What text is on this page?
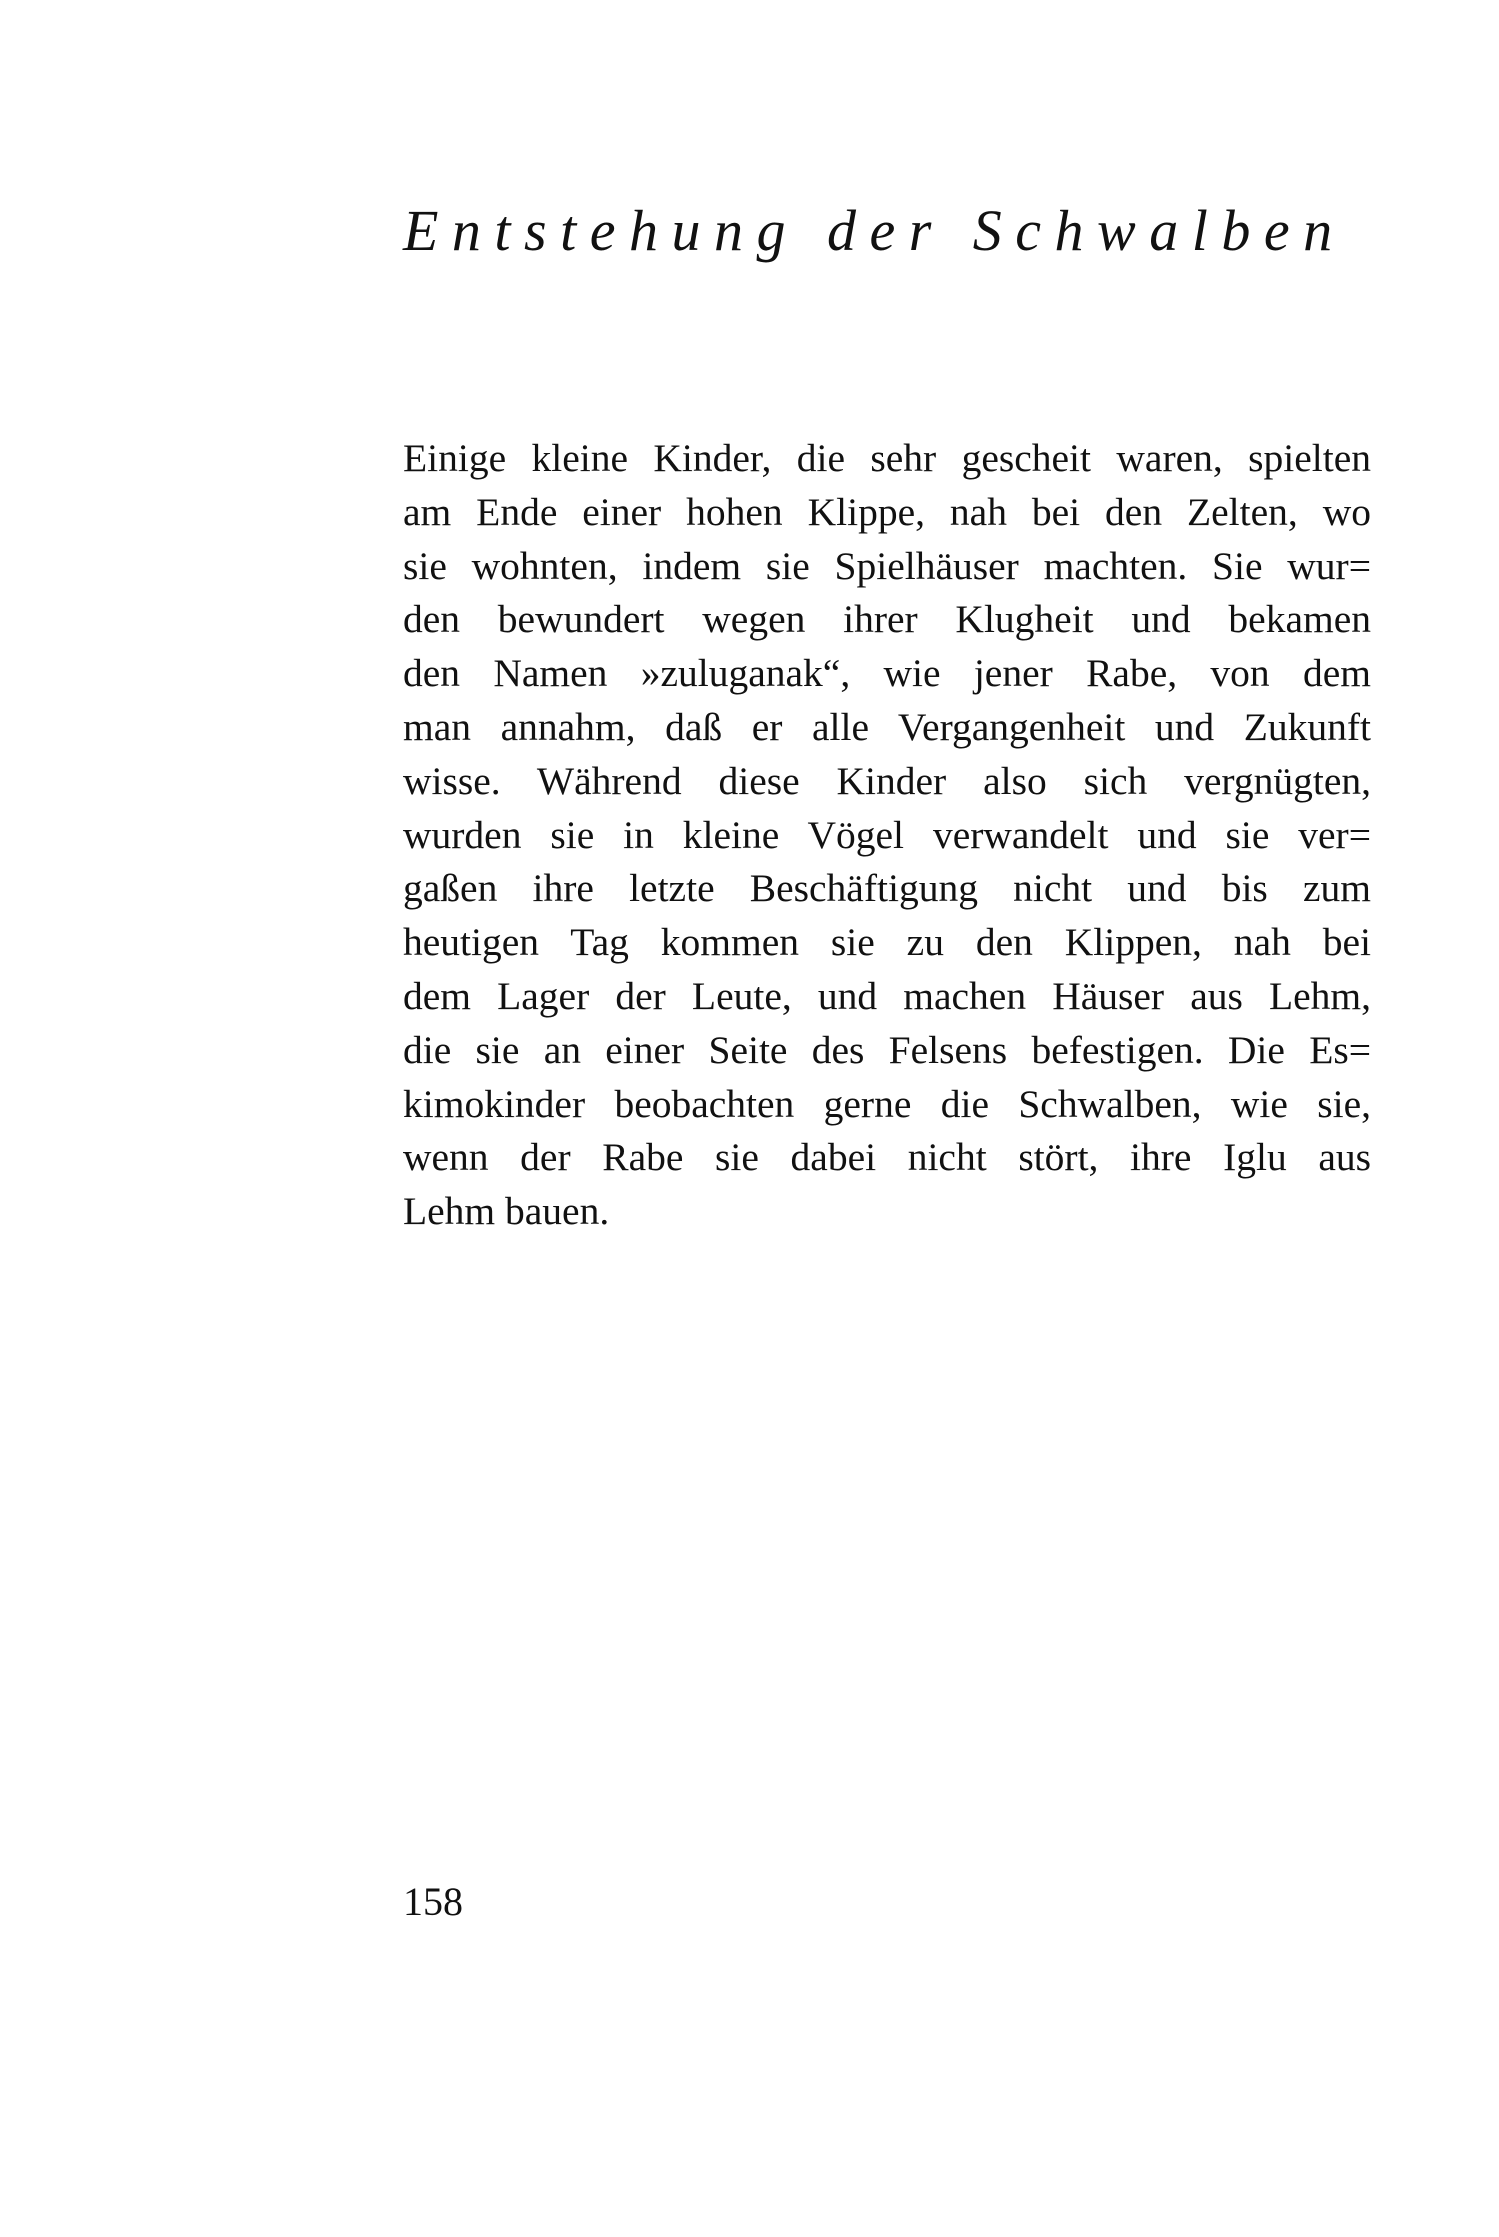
Entstehung der Schwalben
Einige kleine Kinder, die sehr gescheit waren, spielten
am Ende einer hohen Klippe, nah bei den Zelten, wo
sie wohnten, indem sie Spielhäuser machten. Sie wur=
den bewundert wegen ihrer Klugheit und bekamen
den Namen »zuluganak“, wie jener Rabe, von dem
man annahm, daß er alle Vergangenheit und Zukunft
wisse. Während diese Kinder also sich vergnügten,
wurden sie in kleine Vögel verwandelt und sie ver=
gaßen ihre letzte Beschäftigung nicht und bis zum
heutigen Tag kommen sie zu den Klippen, nah bei
dem Lager der Leute, und machen Häuser aus Lehm,
die sie an einer Seite des Felsens befestigen. Die Es=
kimokinder beobachten gerne die Schwalben, wie sie,
wenn der Rabe sie dabei nicht stört, ihre Iglu aus
Lehm bauen.
158
